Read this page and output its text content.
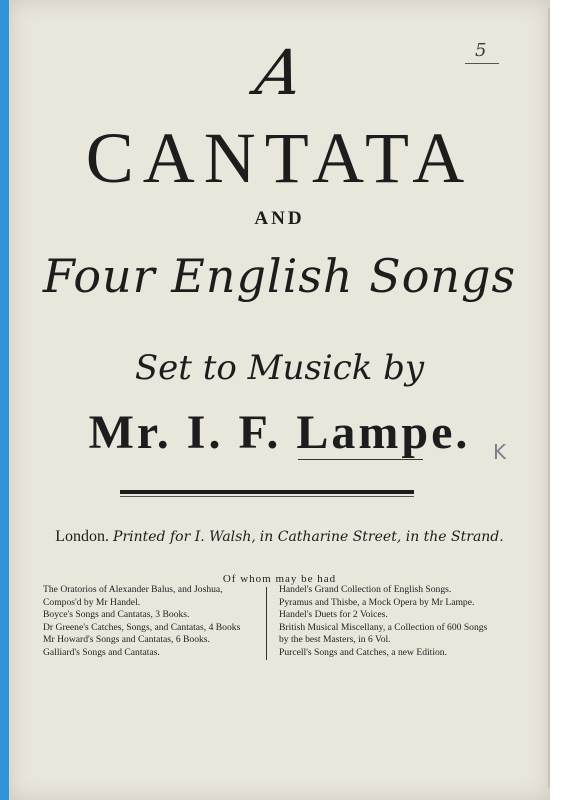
5
A
CANTATA
AND
Four English Songs
Set to Musick by
Mr. I. F. Lampe.	K
London. Printed for I. Walsh, in Catharine Street, in the Strand.
Of whom may be had
The Oratorios of Alexander Balus, and Joshua,
Compos'd by Mr Handel.
Boyce's Songs and Cantatas, 3 Books.
Dr Greene's Catches, Songs, and Cantatas, 4 Books
Mr Howard's Songs and Cantatas, 6 Books.
Galliard's Songs and Cantatas.
Handel's Grand Collection of English Songs.
Pyramus and Thisbe, a Mock Opera by Mr Lampe.
Handel's Duets for 2 Voices.
British Musical Miscellany, a Collection of 600 Songs
by the best Masters, in 6 Vol.
Purcell's Songs and Catches, a new Edition.
